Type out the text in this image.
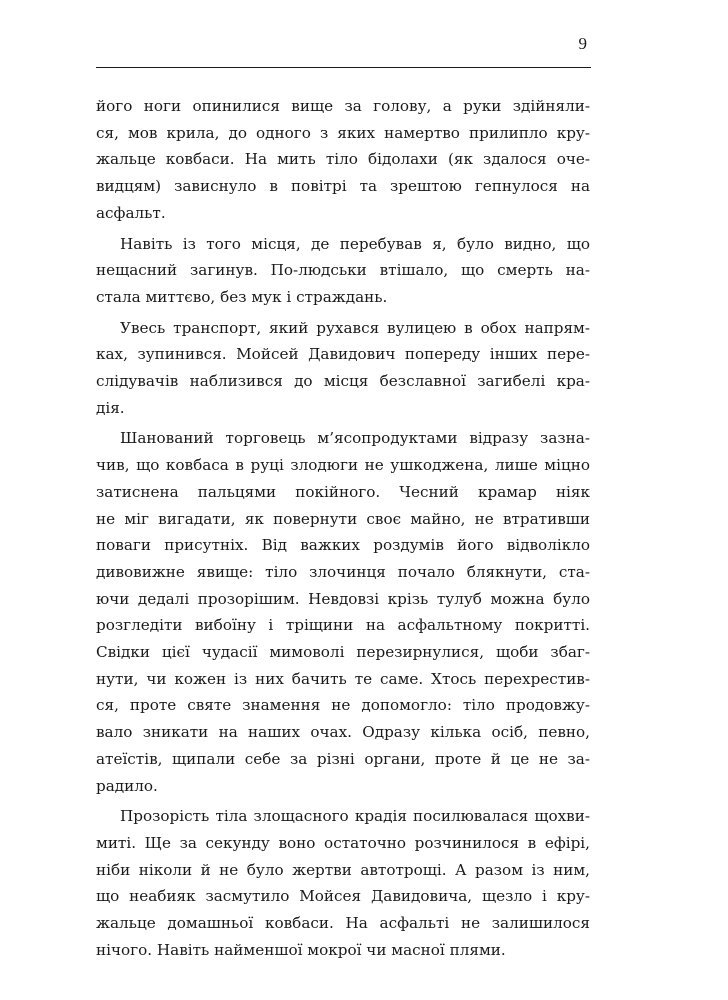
9
його ноги опинилися вище за голову, а руки здійняли-
ся, мов крила, до одного з яких намертво прилипло кру-
жальце ковбаси. На мить тіло бідолахи (як здалося оче-
видцям) зависнуло в повітрі та зрештою гепнулося на
асфальт.
Навіть із того місця, де перебував я, було видно, що
нещасний загинув. По-людськи втішало, що смерть на-
стала миттєво, без мук і страждань.
Увесь транспорт, який рухався вулицею в обох напрям-
ках, зупинився. Мойсей Давидович попереду інших пере-
слідувачів наблизився до місця безславної загибелі кра-
дія.
Шанований торговець м’ясопродуктами відразу зазна-
чив, що ковбаса в руці злодюги не ушкоджена, лише міцно
затиснена пальцями покійного. Чесний крамар ніяк
не міг вигадати, як повернути своє майно, не втративши
поваги присутніх. Від важких роздумів його відволікло
дивовижне явище: тіло злочинця почало блякнути, ста-
ючи дедалі прозорішим. Невдовзі крізь тулуб можна було
розгледіти вибоїну і тріщини на асфальтному покритті.
Свідки цієї чудасії мимоволі перезирнулися, щоби збаг-
нути, чи кожен із них бачить те саме. Хтось перехрестив-
ся, проте святе знамення не допомогло: тіло продовжу-
вало зникати на наших очах. Одразу кілька осіб, певно,
атеїстів, щипали себе за різні органи, проте й це не за-
радило.
Прозорість тіла злощасного крадія посилювалася щохви-
миті. Ще за секунду воно остаточно розчинилося в ефірі,
ніби ніколи й не було жертви автотрощі. А разом із ним,
що неабияк засмутило Мойсея Давидовича, щезло і кру-
жальце домашньої ковбаси. На асфальті не залишилося
нічого. Навіть найменшої мокрої чи масної плями.
